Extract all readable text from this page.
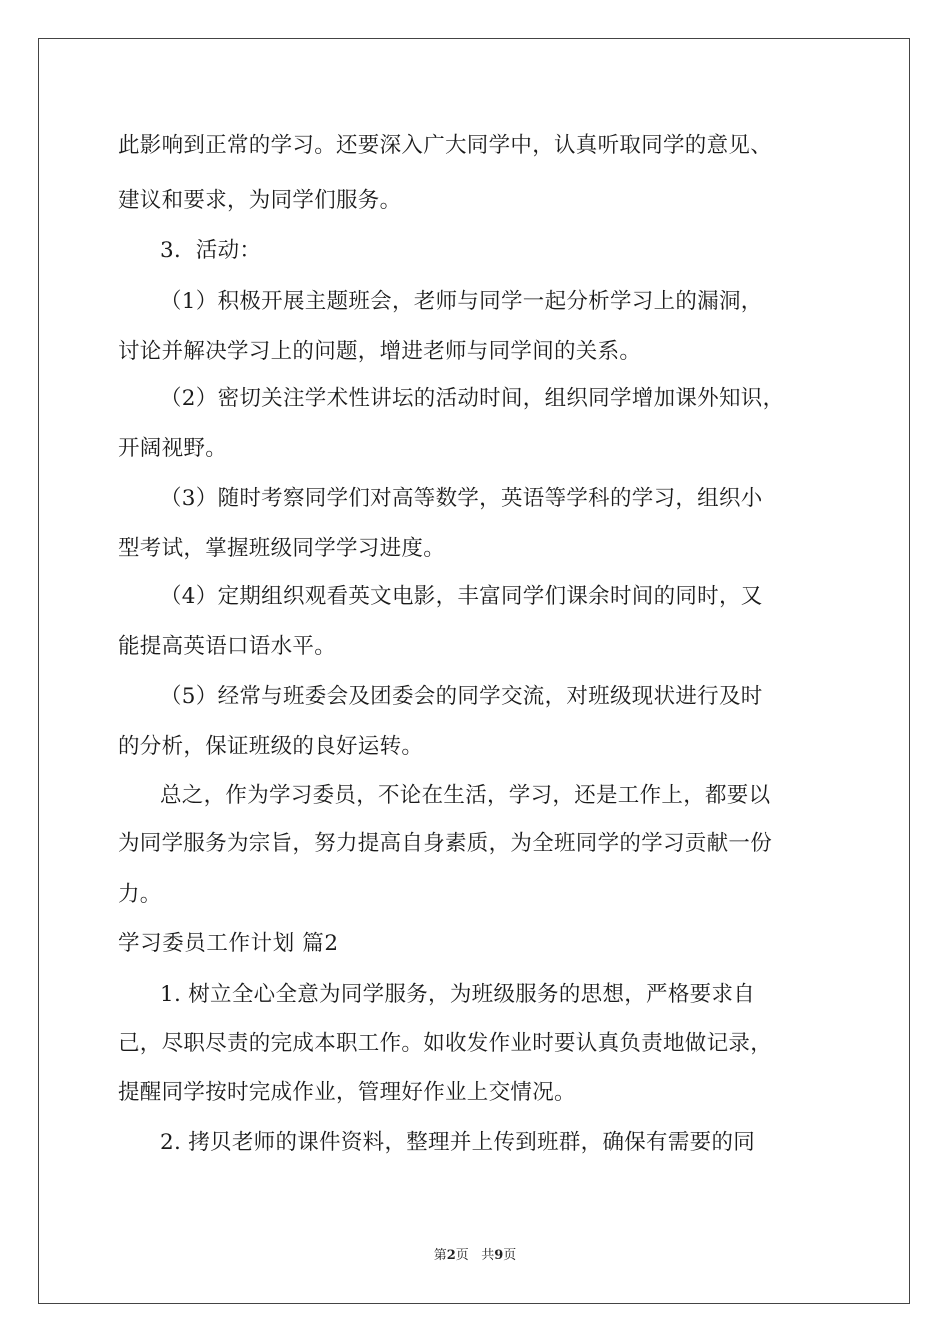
此影响到正常的学习。还要深入广大同学中，认真听取同学的意见、
建议和要求，为同学们服务。
3．活动：
（1）积极开展主题班会，老师与同学一起分析学习上的漏洞，
讨论并解决学习上的问题，增进老师与同学间的关系。
（2）密切关注学术性讲坛的活动时间，组织同学增加课外知识，
开阔视野。
（3）随时考察同学们对高等数学，英语等学科的学习，组织小
型考试，掌握班级同学学习进度。
（4）定期组织观看英文电影，丰富同学们课余时间的同时，又
能提高英语口语水平。
（5）经常与班委会及团委会的同学交流，对班级现状进行及时
的分析，保证班级的良好运转。
总之，作为学习委员，不论在生活，学习，还是工作上，都要以
为同学服务为宗旨，努力提高自身素质，为全班同学的学习贡献一份
力。
学习委员工作计划 篇2
1. 树立全心全意为同学服务，为班级服务的思想，严格要求自
己，尽职尽责的完成本职工作。如收发作业时要认真负责地做记录，
提醒同学按时完成作业，管理好作业上交情况。
2. 拷贝老师的课件资料，整理并上传到班群，确保有需要的同
第2页 共9页
